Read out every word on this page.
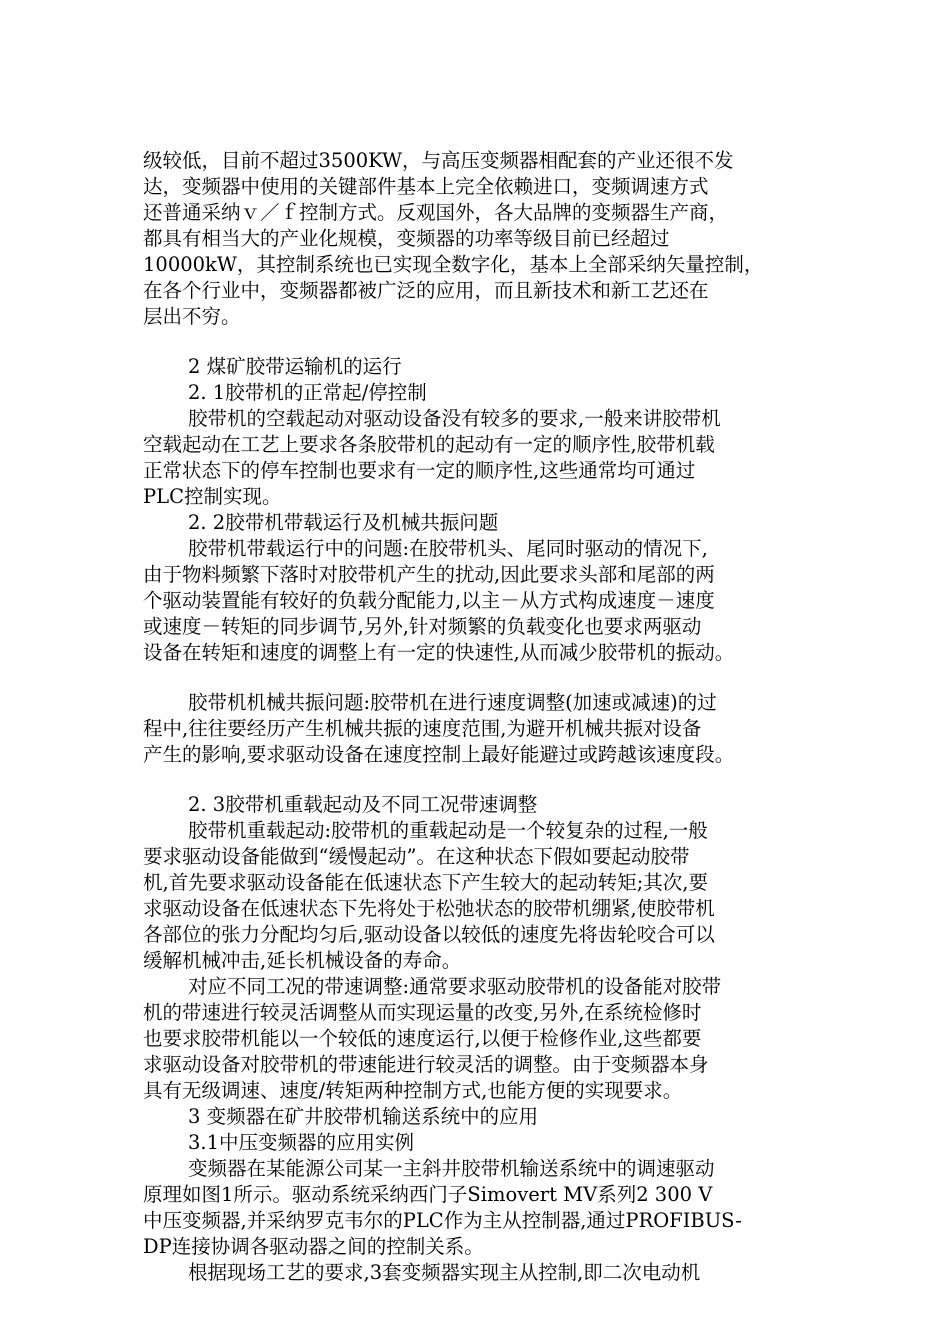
级较低，目前不超过3500KW，与高压变频器相配套的产业还很不发
达，变频器中使用的关键部件基本上完全依赖进口，变频调速方式
还普通采纳ｖ／ｆ控制方式。反观国外，各大品牌的变频器生产商，
都具有相当大的产业化规模，变频器的功率等级目前已经超过
10000kW，其控制系统也已实现全数字化，基本上全部采纳矢量控制，
在各个行业中，变频器都被广泛的应用，而且新技术和新工艺还在
层出不穷。
2 煤矿胶带运输机的运行
2. 1胶带机的正常起/停控制
胶带机的空载起动对驱动设备没有较多的要求,一般来讲胶带机
空载起动在工艺上要求各条胶带机的起动有一定的顺序性,胶带机载
正常状态下的停车控制也要求有一定的顺序性,这些通常均可通过
PLC控制实现。
2. 2胶带机带载运行及机械共振问题
胶带机带载运行中的问题:在胶带机头、尾同时驱动的情况下,
由于物料频繁下落时对胶带机产生的扰动,因此要求头部和尾部的两
个驱动装置能有较好的负载分配能力,以主－从方式构成速度－速度
或速度－转矩的同步调节,另外,针对频繁的负载变化也要求两驱动
设备在转矩和速度的调整上有一定的快速性,从而减少胶带机的振动。
胶带机机械共振问题:胶带机在进行速度调整(加速或减速)的过
程中,往往要经历产生机械共振的速度范围,为避开机械共振对设备
产生的影响,要求驱动设备在速度控制上最好能避过或跨越该速度段。
2. 3胶带机重载起动及不同工况带速调整
胶带机重载起动:胶带机的重载起动是一个较复杂的过程,一般
要求驱动设备能做到“缓慢起动”。在这种状态下假如要起动胶带
机,首先要求驱动设备能在低速状态下产生较大的起动转矩;其次,要
求驱动设备在低速状态下先将处于松弛状态的胶带机绷紧,使胶带机
各部位的张力分配均匀后,驱动设备以较低的速度先将齿轮咬合可以
缓解机械冲击,延长机械设备的寿命。
对应不同工况的带速调整:通常要求驱动胶带机的设备能对胶带
机的带速进行较灵活调整从而实现运量的改变,另外,在系统检修时
也要求胶带机能以一个较低的速度运行,以便于检修作业,这些都要
求驱动设备对胶带机的带速能进行较灵活的调整。由于变频器本身
具有无级调速、速度/转矩两种控制方式,也能方便的实现要求。
3 变频器在矿井胶带机输送系统中的应用
3.1中压变频器的应用实例
变频器在某能源公司某一主斜井胶带机输送系统中的调速驱动
原理如图1所示。驱动系统采纳西门子Simovert MV系列2 300 V
中压变频器,并采纳罗克韦尔的PLC作为主从控制器,通过PROFIBUS-
DP连接协调各驱动器之间的控制关系。
根据现场工艺的要求,3套变频器实现主从控制,即二次电动机
